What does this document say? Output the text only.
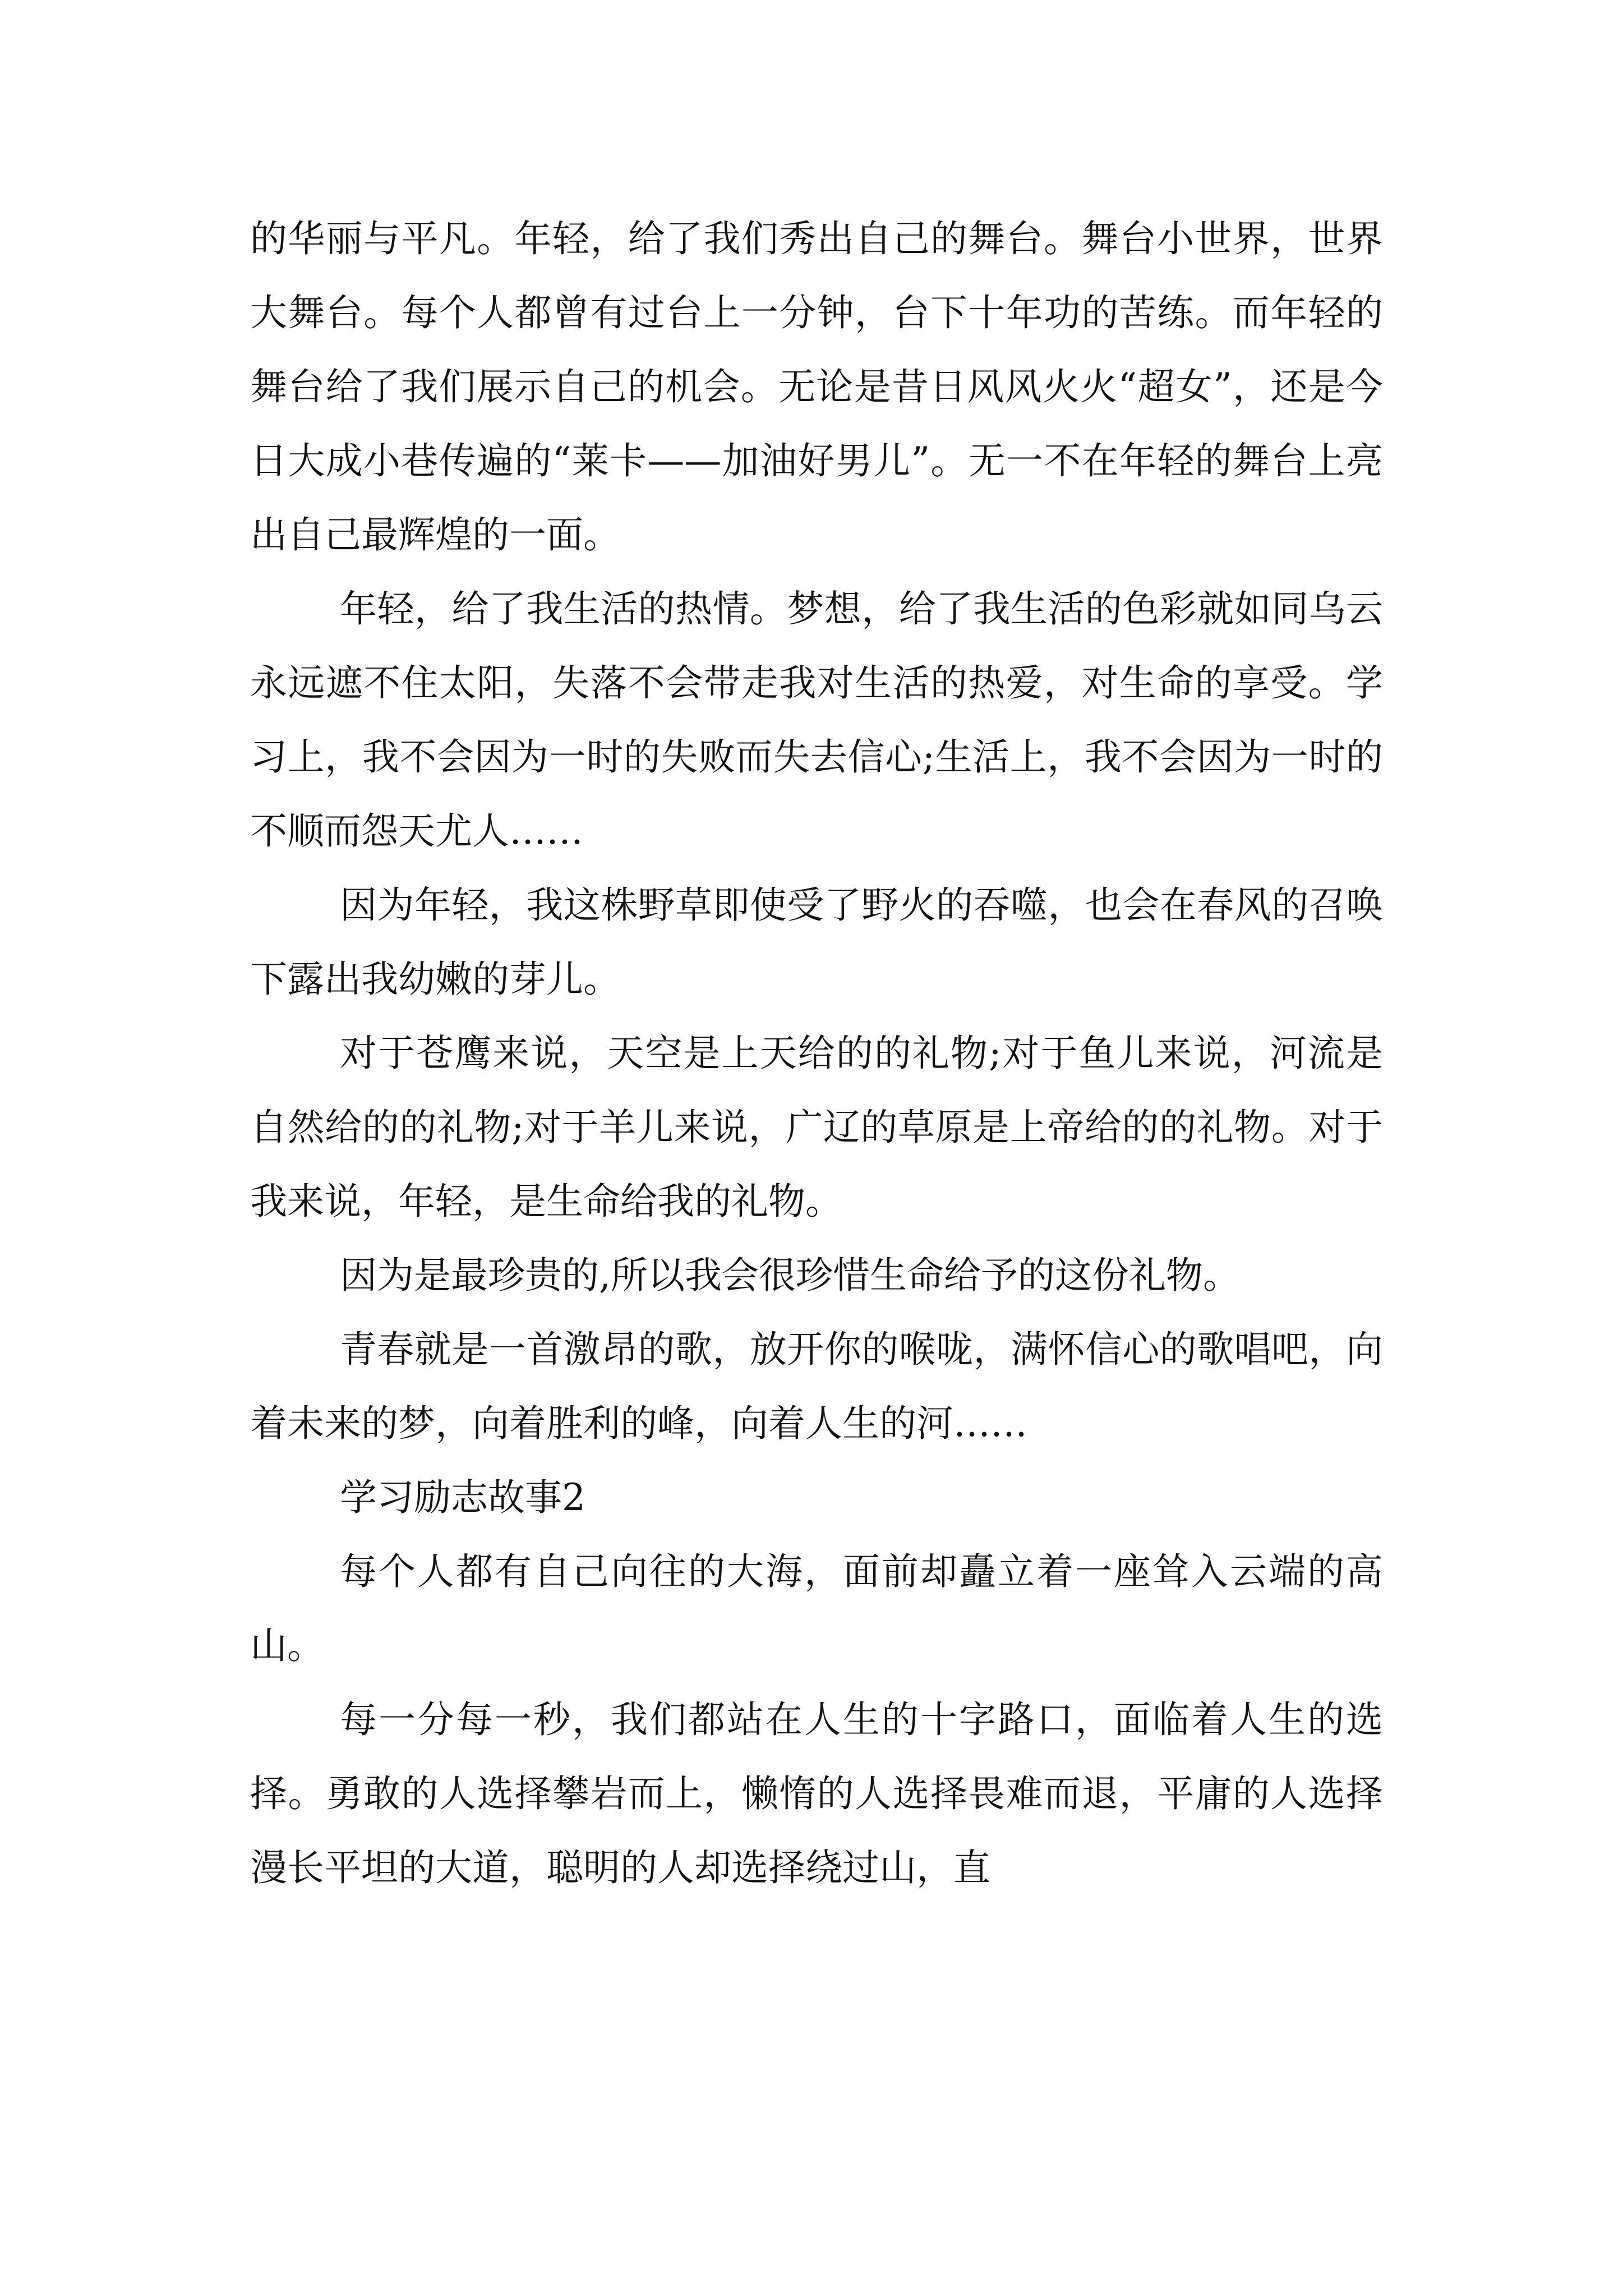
的华丽与平凡。年轻，给了我们秀出自己的舞台。舞台小世界，世界大舞台。每个人都曾有过台上一分钟，台下十年功的苦练。而年轻的舞台给了我们展示自己的机会。无论是昔日风风火火“超女”，还是今日大成小巷传遍的“莱卡——加油好男儿”。无一不在年轻的舞台上亮出自己最辉煌的一面。

年轻，给了我生活的热情。梦想，给了我生活的色彩就如同乌云永远遮不住太阳，失落不会带走我对生活的热爱，对生命的享受。学习上，我不会因为一时的失败而失去信心;生活上，我不会因为一时的不顺而怨天尤人……

因为年轻，我这株野草即使受了野火的吞噬，也会在春风的召唤下露出我幼嫩的芽儿。

对于苍鹰来说，天空是上天给的的礼物;对于鱼儿来说，河流是自然给的的礼物;对于羊儿来说，广辽的草原是上帝给的的礼物。对于我来说，年轻，是生命给我的礼物。

因为是最珍贵的,所以我会很珍惜生命给予的这份礼物。

青春就是一首激昂的歌，放开你的喉咙，满怀信心的歌唱吧，向着未来的梦，向着胜利的峰，向着人生的河……

学习励志故事2

每个人都有自己向往的大海，面前却矗立着一座耸入云端的高山。

每一分每一秒，我们都站在人生的十字路口，面临着人生的选择。勇敢的人选择攀岩而上，懒惰的人选择畏难而退，平庸的人选择漫长平坦的大道，聪明的人却选择绕过山，直
